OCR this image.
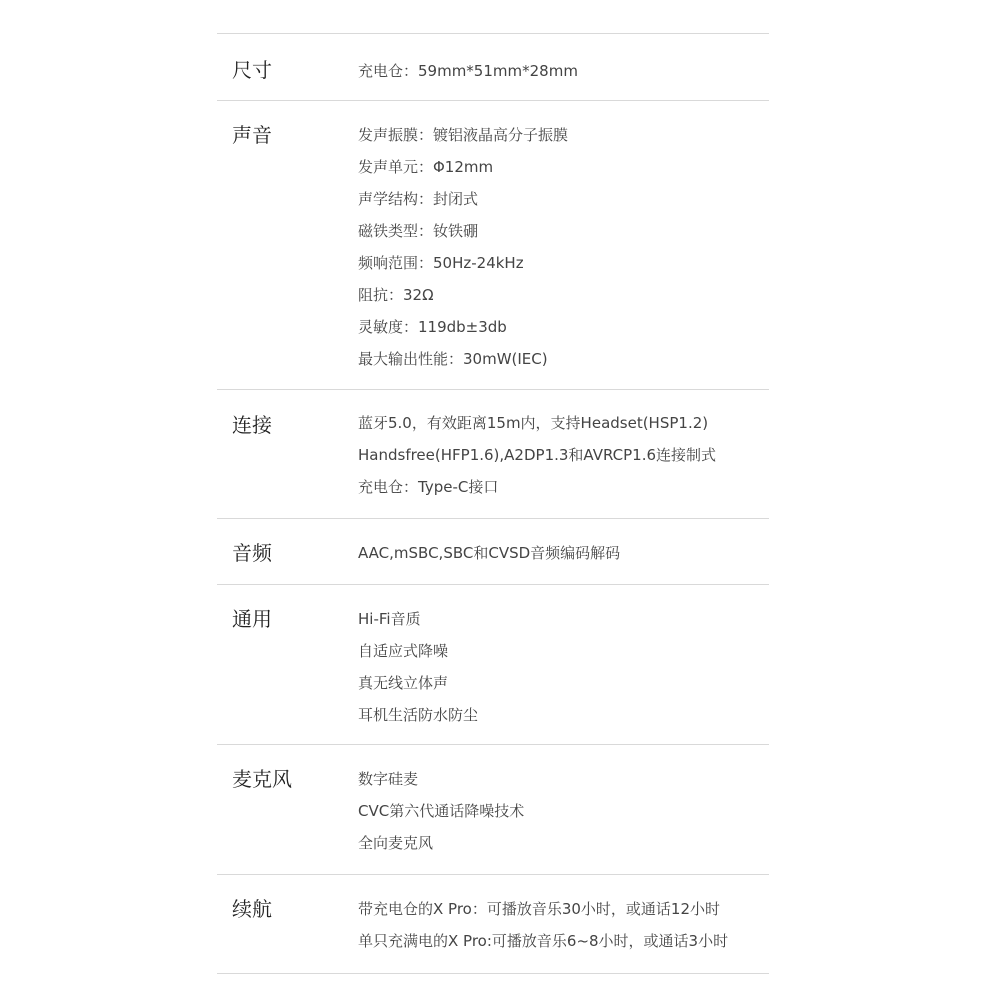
尺寸	充电仓：59mm*51mm*28mm
声音	发声振膜：镀铝液晶高分子振膜
发声单元：Φ12mm
声学结构：封闭式
磁铁类型：钕铁硼
频响范围：50Hz-24kHz
阻抗：32Ω
灵敏度：119db±3db
最大输出性能：30mW(IEC)
连接	蓝牙5.0，有效距离15m内，支持Headset(HSP1.2)
Handsfree(HFP1.6),A2DP1.3和AVRCP1.6连接制式
充电仓：Type-C接口
音频	AAC,mSBC,SBC和CVSD音频编码解码
通用	Hi-Fi音质
自适应式降噪
真无线立体声
耳机生活防水防尘
麦克风	数字硅麦
CVC第六代通话降噪技术
全向麦克风
续航	带充电仓的X Pro：可播放音乐30小时，或通话12小时
单只充满电的X Pro:可播放音乐6~8小时，或通话3小时
